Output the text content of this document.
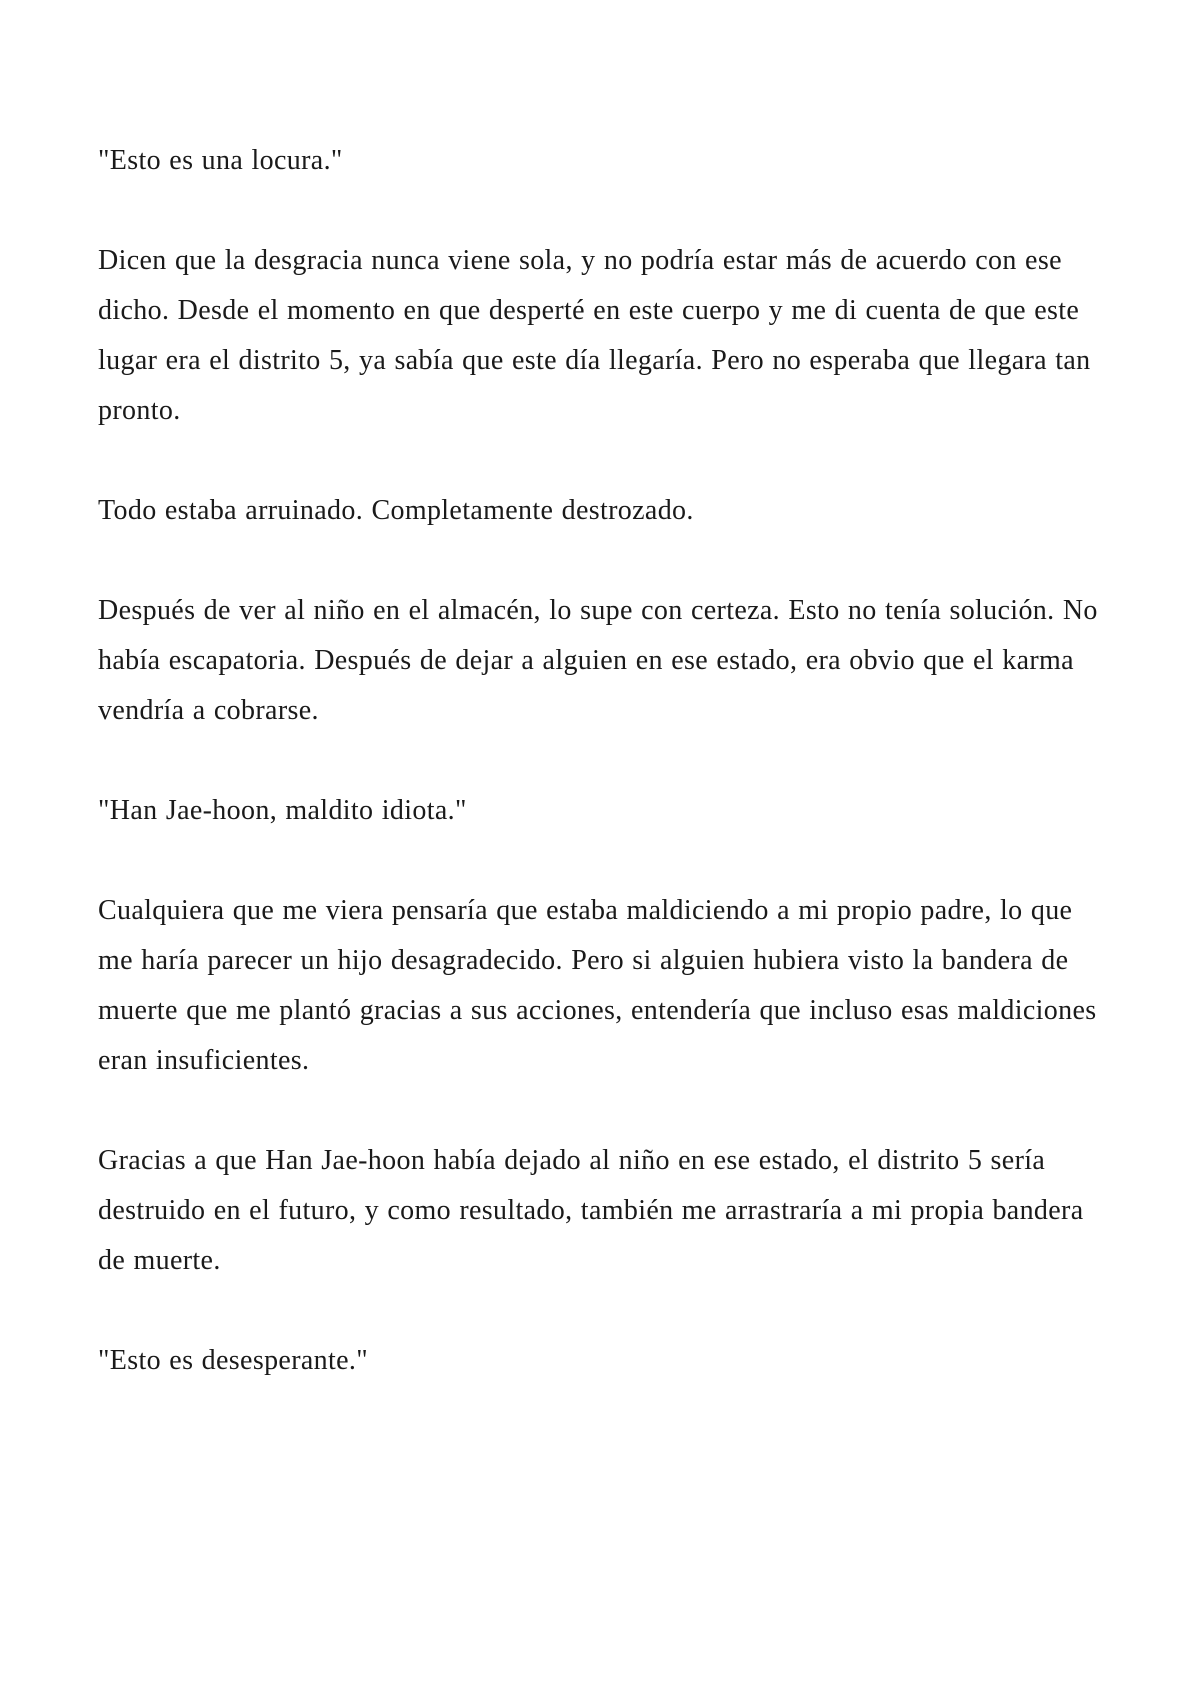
"Esto es una locura."

Dicen que la desgracia nunca viene sola, y no podría estar más de acuerdo con ese dicho. Desde el momento en que desperté en este cuerpo y me di cuenta de que este lugar era el distrito 5, ya sabía que este día llegaría. Pero no esperaba que llegara tan pronto.

Todo estaba arruinado. Completamente destrozado.

Después de ver al niño en el almacén, lo supe con certeza. Esto no tenía solución. No había escapatoria. Después de dejar a alguien en ese estado, era obvio que el karma vendría a cobrarse.

"Han Jae-hoon, maldito idiota."

Cualquiera que me viera pensaría que estaba maldiciendo a mi propio padre, lo que me haría parecer un hijo desagradecido. Pero si alguien hubiera visto la bandera de muerte que me plantó gracias a sus acciones, entendería que incluso esas maldiciones eran insuficientes.

Gracias a que Han Jae-hoon había dejado al niño en ese estado, el distrito 5 sería destruido en el futuro, y como resultado, también me arrastraría a mi propia bandera de muerte.

"Esto es desesperante."
